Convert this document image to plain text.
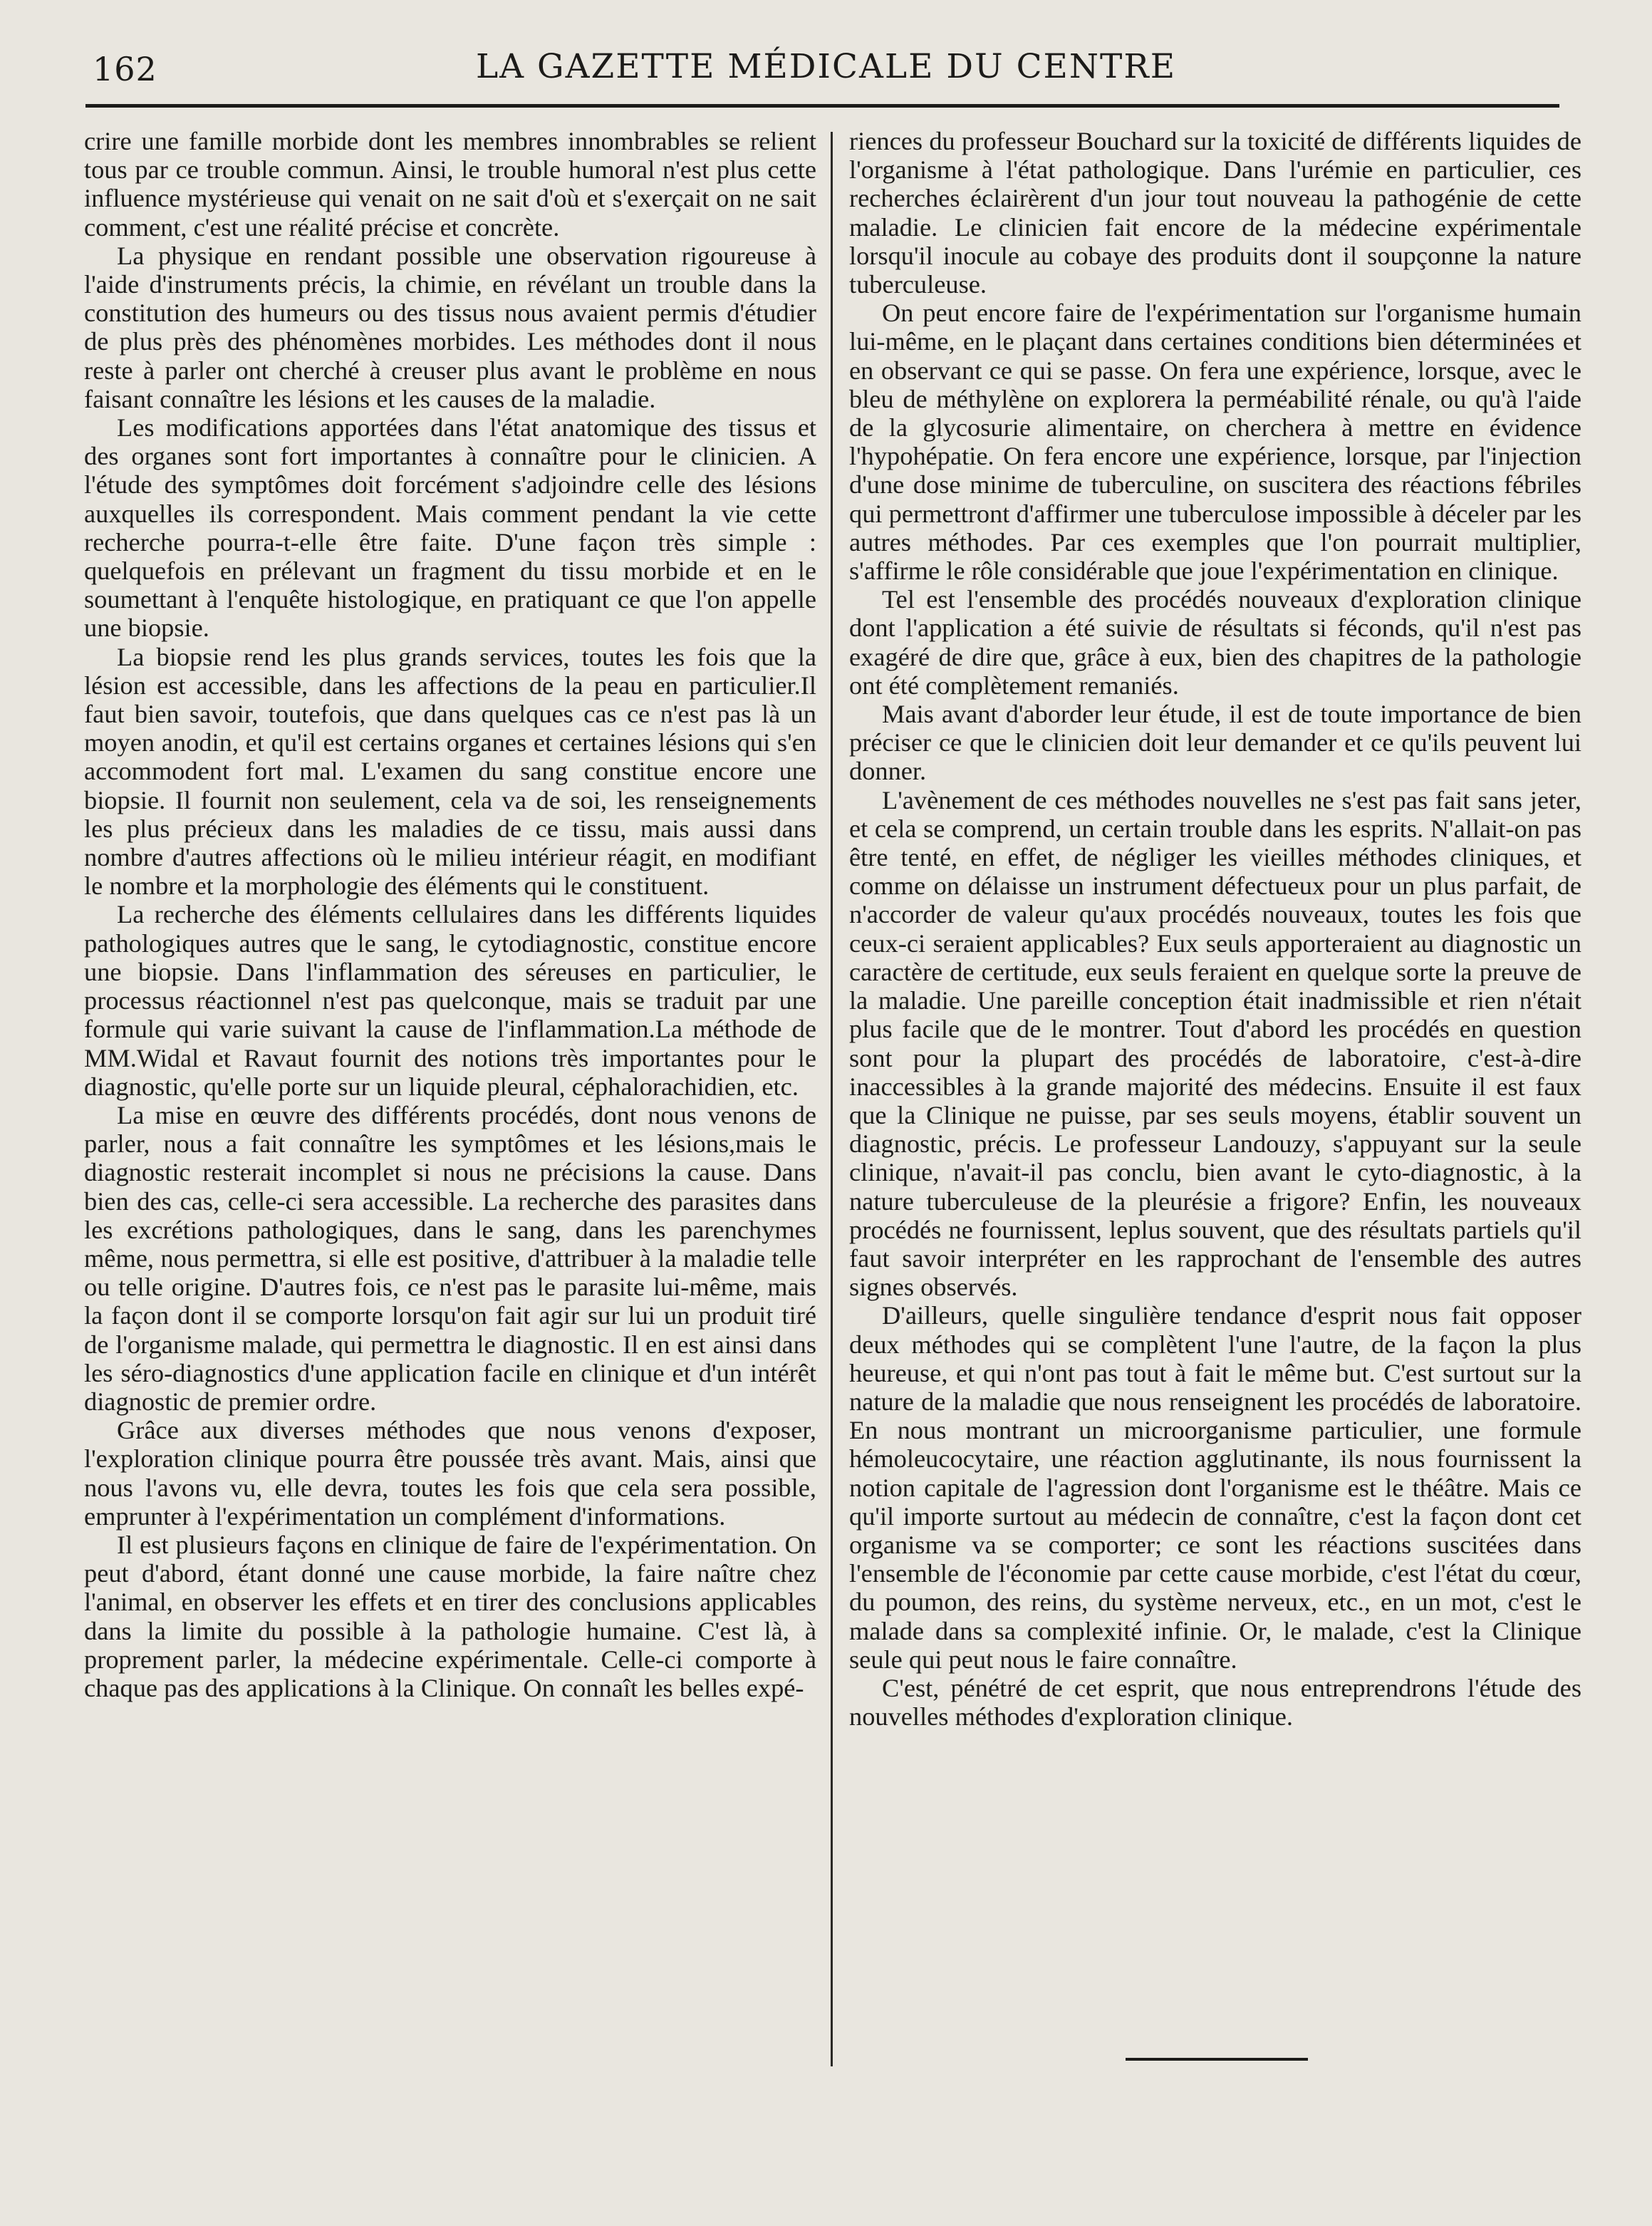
162	LA GAZETTE MÉDICALE DU CENTRE

crire une famille morbide dont les membres innombrables se relient tous par ce trouble commun. Ainsi, le trouble humoral n'est plus cette influence mystérieuse qui venait on ne sait d'où et s'exerçait on ne sait comment, c'est une réalité précise et concrète.

La physique en rendant possible une observation rigoureuse à l'aide d'instruments précis, la chimie, en révélant un trouble dans la constitution des humeurs ou des tissus nous avaient permis d'étudier de plus près des phénomènes morbides. Les méthodes dont il nous reste à parler ont cherché à creuser plus avant le problème en nous faisant connaître les lésions et les causes de la maladie.

Les modifications apportées dans l'état anatomique des tissus et des organes sont fort importantes à connaître pour le clinicien. A l'étude des symptômes doit forcément s'adjoindre celle des lésions auxquelles ils correspondent. Mais comment pendant la vie cette recherche pourra-t-elle être faite. D'une façon très simple : quelquefois en prélevant un fragment du tissu morbide et en le soumettant à l'enquête histologique, en pratiquant ce que l'on appelle une biopsie.

La biopsie rend les plus grands services, toutes les fois que la lésion est accessible, dans les affections de la peau en particulier.Il faut bien savoir, toutefois, que dans quelques cas ce n'est pas là un moyen anodin, et qu'il est certains organes et certaines lésions qui s'en accommodent fort mal. L'examen du sang constitue encore une biopsie. Il fournit non seulement, cela va de soi, les renseignements les plus précieux dans les maladies de ce tissu, mais aussi dans nombre d'autres affections où le milieu intérieur réagit, en modifiant le nombre et la morphologie des éléments qui le constituent.

La recherche des éléments cellulaires dans les différents liquides pathologiques autres que le sang, le cytodiagnostic, constitue encore une biopsie. Dans l'inflammation des séreuses en particulier, le processus réactionnel n'est pas quelconque, mais se traduit par une formule qui varie suivant la cause de l'inflammation.La méthode de MM.Widal et Ravaut fournit des notions très importantes pour le diagnostic, qu'elle porte sur un liquide pleural, céphalorachidien, etc.

La mise en œuvre des différents procédés, dont nous venons de parler, nous a fait connaître les symptômes et les lésions,mais le diagnostic resterait incomplet si nous ne précisions la cause. Dans bien des cas, celle-ci sera accessible. La recherche des parasites dans les excrétions pathologiques, dans le sang, dans les parenchymes même, nous permettra, si elle est positive, d'attribuer à la maladie telle ou telle origine. D'autres fois, ce n'est pas le parasite lui-même, mais la façon dont il se comporte lorsqu'on fait agir sur lui un produit tiré de l'organisme malade, qui permettra le diagnostic. Il en est ainsi dans les séro-diagnostics d'une application facile en clinique et d'un intérêt diagnostic de premier ordre.

Grâce aux diverses méthodes que nous venons d'exposer, l'exploration clinique pourra être poussée très avant. Mais, ainsi que nous l'avons vu, elle devra, toutes les fois que cela sera possible, emprunter à l'expérimentation un complément d'informations.

Il est plusieurs façons en clinique de faire de l'expérimentation. On peut d'abord, étant donné une cause morbide, la faire naître chez l'animal, en observer les effets et en tirer des conclusions applicables dans la limite du possible à la pathologie humaine. C'est là, à proprement parler, la médecine expérimentale. Celle-ci comporte à chaque pas des applications à la Clinique. On connaît les belles expé-

riences du professeur Bouchard sur la toxicité de différents liquides de l'organisme à l'état pathologique. Dans l'urémie en particulier, ces recherches éclairèrent d'un jour tout nouveau la pathogénie de cette maladie. Le clinicien fait encore de la médecine expérimentale lorsqu'il inocule au cobaye des produits dont il soupçonne la nature tuberculeuse.

On peut encore faire de l'expérimentation sur l'organisme humain lui-même, en le plaçant dans certaines conditions bien déterminées et en observant ce qui se passe. On fera une expérience, lorsque, avec le bleu de méthylène on explorera la perméabilité rénale, ou qu'à l'aide de la glycosurie alimentaire, on cherchera à mettre en évidence l'hypohépatie. On fera encore une expérience, lorsque, par l'injection d'une dose minime de tuberculine, on suscitera des réactions fébriles qui permettront d'affirmer une tuberculose impossible à déceler par les autres méthodes. Par ces exemples que l'on pourrait multiplier, s'affirme le rôle considérable que joue l'expérimentation en clinique.

Tel est l'ensemble des procédés nouveaux d'exploration clinique dont l'application a été suivie de résultats si féconds, qu'il n'est pas exagéré de dire que, grâce à eux, bien des chapitres de la pathologie ont été complètement remaniés.

Mais avant d'aborder leur étude, il est de toute importance de bien préciser ce que le clinicien doit leur demander et ce qu'ils peuvent lui donner.

L'avènement de ces méthodes nouvelles ne s'est pas fait sans jeter, et cela se comprend, un certain trouble dans les esprits. N'allait-on pas être tenté, en effet, de négliger les vieilles méthodes cliniques, et comme on délaisse un instrument défectueux pour un plus parfait, de n'accorder de valeur qu'aux procédés nouveaux, toutes les fois que ceux-ci seraient applicables? Eux seuls apporteraient au diagnostic un caractère de certitude, eux seuls feraient en quelque sorte la preuve de la maladie. Une pareille conception était inadmissible et rien n'était plus facile que de le montrer. Tout d'abord les procédés en question sont pour la plupart des procédés de laboratoire, c'est-à-dire inaccessibles à la grande majorité des médecins. Ensuite il est faux que la Clinique ne puisse, par ses seuls moyens, établir souvent un diagnostic, précis. Le professeur Landouzy, s'appuyant sur la seule clinique, n'avait-il pas conclu, bien avant le cyto-diagnostic, à la nature tuberculeuse de la pleurésie a frigore? Enfin, les nouveaux procédés ne fournissent, leplus souvent, que des résultats partiels qu'il faut savoir interpréter en les rapprochant de l'ensemble des autres signes observés.

D'ailleurs, quelle singulière tendance d'esprit nous fait opposer deux méthodes qui se complètent l'une l'autre, de la façon la plus heureuse, et qui n'ont pas tout à fait le même but. C'est surtout sur la nature de la maladie que nous renseignent les procédés de laboratoire. En nous montrant un microorganisme particulier, une formule hémoleucocytaire, une réaction agglutinante, ils nous fournissent la notion capitale de l'agression dont l'organisme est le théâtre. Mais ce qu'il importe surtout au médecin de connaître, c'est la façon dont cet organisme va se comporter; ce sont les réactions suscitées dans l'ensemble de l'économie par cette cause morbide, c'est l'état du cœur, du poumon, des reins, du système nerveux, etc., en un mot, c'est le malade dans sa complexité infinie. Or, le malade, c'est la Clinique seule qui peut nous le faire connaître.

C'est, pénétré de cet esprit, que nous entreprendrons l'étude des nouvelles méthodes d'exploration clinique.
